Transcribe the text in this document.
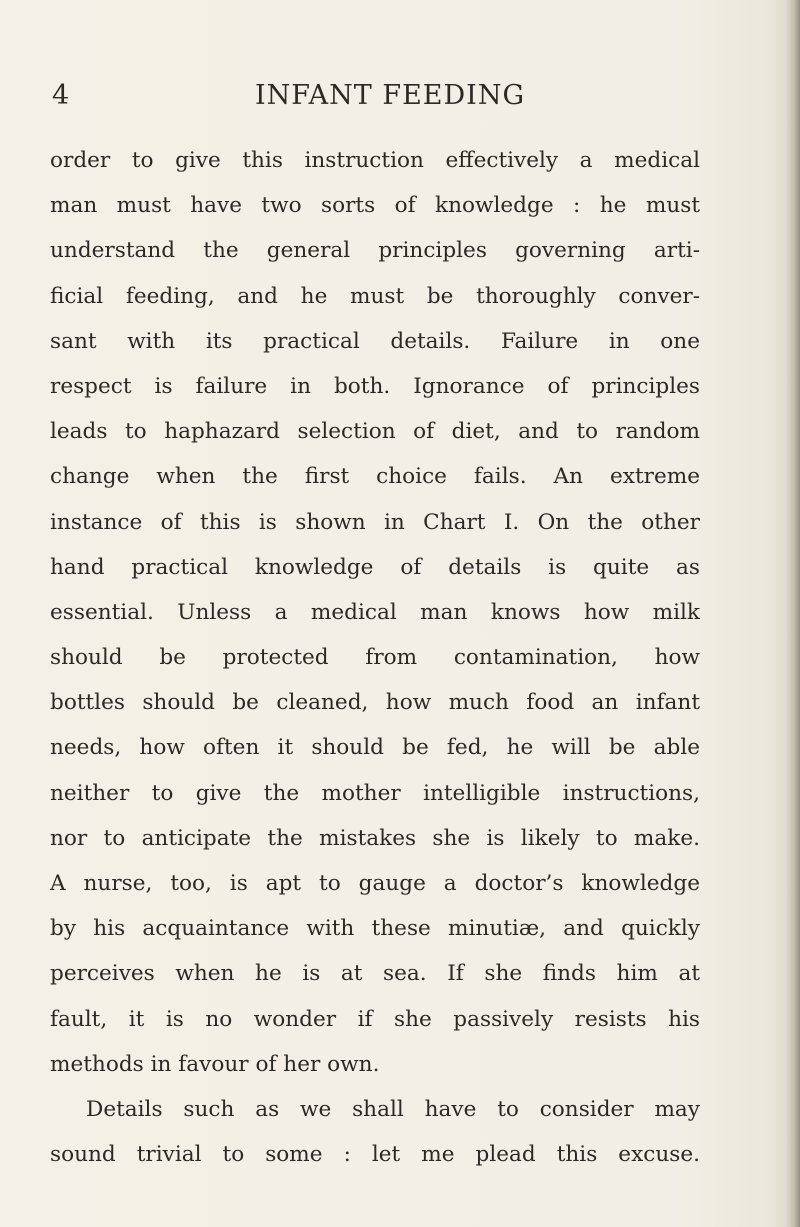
4	INFANT FEEDING
order to give this instruction effectively a medical
man must have two sorts of knowledge : he must
understand the general principles governing arti-
ficial feeding, and he must be thoroughly conver-
sant with its practical details. Failure in one
respect is failure in both. Ignorance of principles
leads to haphazard selection of diet, and to random
change when the first choice fails. An extreme
instance of this is shown in Chart I. On the other
hand practical knowledge of details is quite as
essential. Unless a medical man knows how milk
should be protected from contamination, how
bottles should be cleaned, how much food an infant
needs, how often it should be fed, he will be able
neither to give the mother intelligible instructions,
nor to anticipate the mistakes she is likely to make.
A nurse, too, is apt to gauge a doctor’s knowledge
by his acquaintance with these minutiæ, and quickly
perceives when he is at sea. If she finds him at
fault, it is no wonder if she passively resists his
methods in favour of her own.
Details such as we shall have to consider may
sound trivial to some : let me plead this excuse.
